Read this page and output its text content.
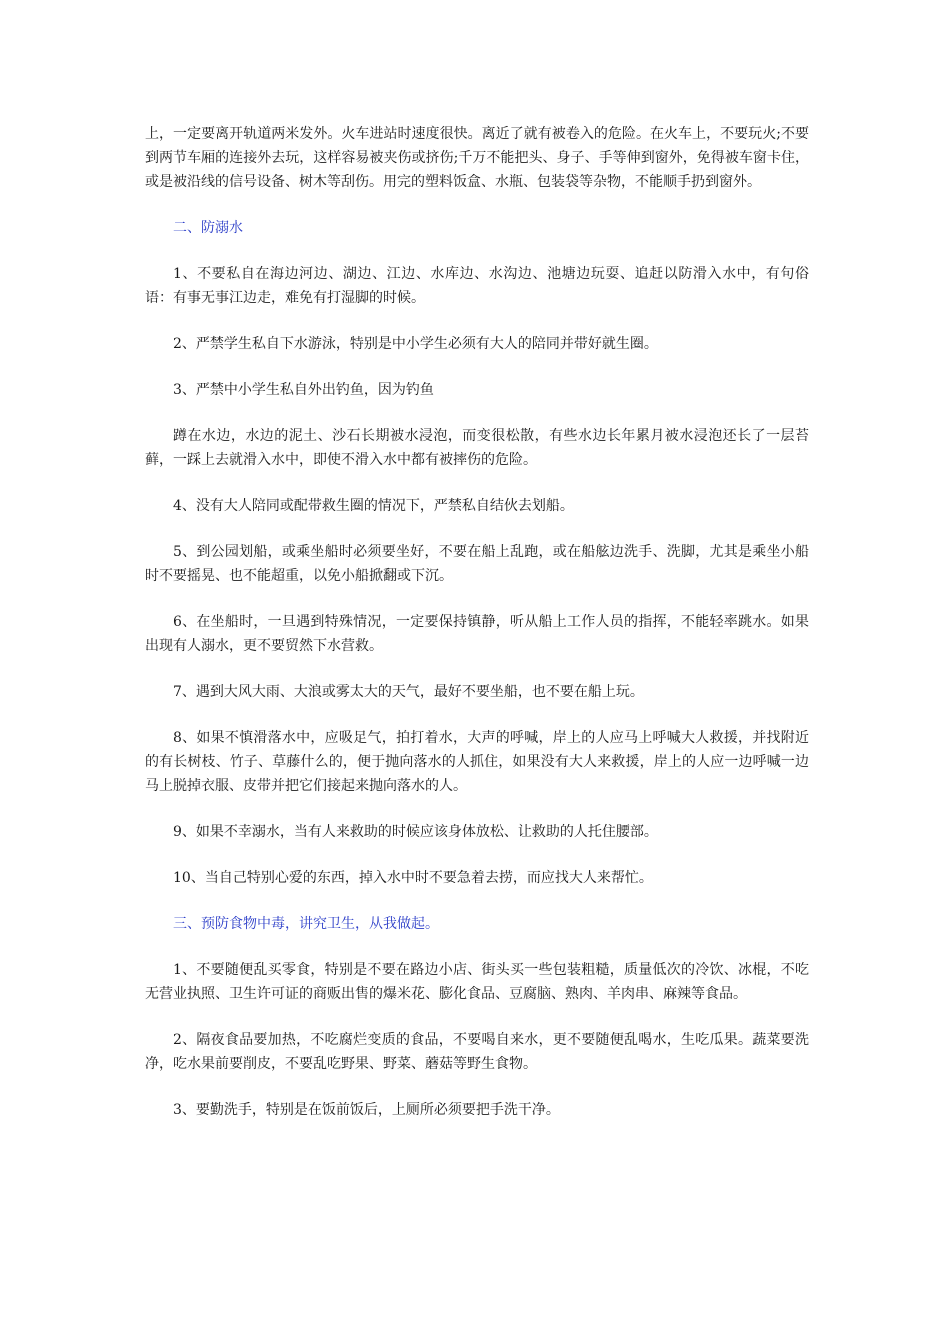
上，一定要离开轨道两米发外。火车进站时速度很快。离近了就有被卷入的危险。在火车上，不要玩火;不要到两节车厢的连接外去玩，这样容易被夹伤或挤伤;千万不能把头、身子、手等伸到窗外，免得被车窗卡住，或是被沿线的信号设备、树木等刮伤。用完的塑料饭盒、水瓶、包装袋等杂物，不能顺手扔到窗外。

二、防溺水

1、不要私自在海边河边、湖边、江边、水库边、水沟边、池塘边玩耍、追赶以防滑入水中，有句俗语：有事无事江边走，难免有打湿脚的时候。

2、严禁学生私自下水游泳，特别是中小学生必须有大人的陪同并带好就生圈。

3、严禁中小学生私自外出钓鱼，因为钓鱼

蹲在水边，水边的泥土、沙石长期被水浸泡，而变很松散，有些水边长年累月被水浸泡还长了一层苔藓，一踩上去就滑入水中，即使不滑入水中都有被摔伤的危险。

4、没有大人陪同或配带救生圈的情况下，严禁私自结伙去划船。

5、到公园划船，或乘坐船时必须要坐好，不要在船上乱跑，或在船舷边洗手、洗脚，尤其是乘坐小船时不要摇晃、也不能超重，以免小船掀翻或下沉。

6、在坐船时，一旦遇到特殊情况，一定要保持镇静，听从船上工作人员的指挥，不能轻率跳水。如果出现有人溺水，更不要贸然下水营救。

7、遇到大风大雨、大浪或雾太大的天气，最好不要坐船，也不要在船上玩。

8、如果不慎滑落水中，应吸足气，拍打着水，大声的呼喊，岸上的人应马上呼喊大人救援，并找附近的有长树枝、竹子、草藤什么的，便于抛向落水的人抓住，如果没有大人来救援，岸上的人应一边呼喊一边马上脱掉衣服、皮带并把它们接起来抛向落水的人。

9、如果不幸溺水，当有人来救助的时候应该身体放松、让救助的人托住腰部。

10、当自己特别心爱的东西，掉入水中时不要急着去捞，而应找大人来帮忙。

三、预防食物中毒，讲究卫生，从我做起。

1、不要随便乱买零食，特别是不要在路边小店、街头买一些包装粗糙，质量低次的冷饮、冰棍，不吃无营业执照、卫生许可证的商贩出售的爆米花、膨化食品、豆腐脑、熟肉、羊肉串、麻辣等食品。

2、隔夜食品要加热，不吃腐烂变质的食品，不要喝自来水，更不要随便乱喝水，生吃瓜果。蔬菜要洗净，吃水果前要削皮，不要乱吃野果、野菜、蘑菇等野生食物。

3、要勤洗手，特别是在饭前饭后，上厕所必须要把手洗干净。
